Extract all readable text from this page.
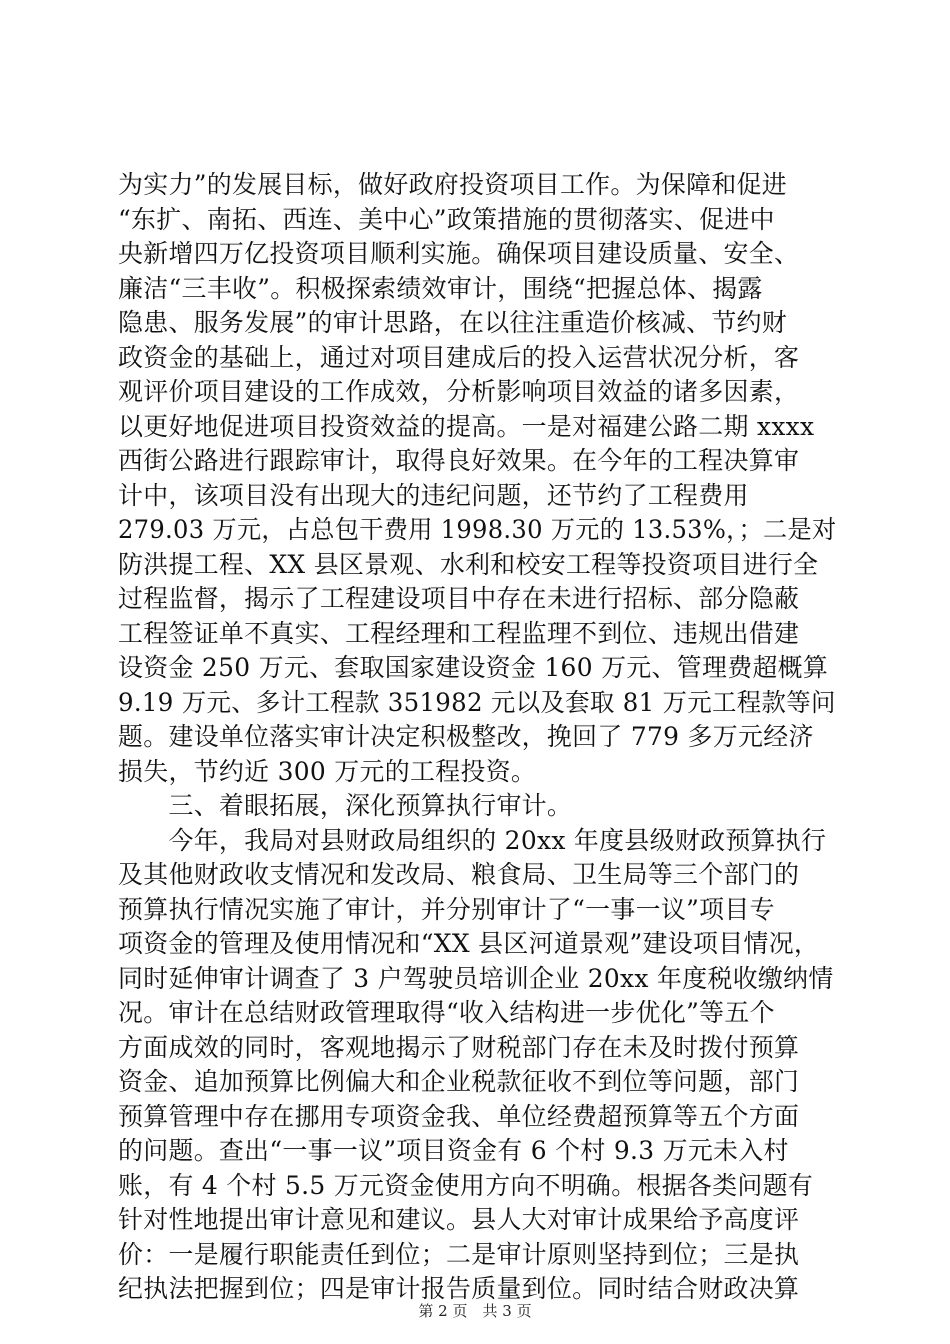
为实力”的发展目标，做好政府投资项目工作。为保障和促进
“东扩、南拓、西连、美中心”政策措施的贯彻落实、促进中
央新增四万亿投资项目顺利实施。确保项目建设质量、安全、
廉洁“三丰收”。积极探索绩效审计，围绕“把握总体、揭露
隐患、服务发展”的审计思路，在以往注重造价核减、节约财
政资金的基础上，通过对项目建成后的投入运营状况分析，客
观评价项目建设的工作成效，分析影响项目效益的诸多因素，
以更好地促进项目投资效益的提高。一是对福建公路二期 xxxx
西街公路进行跟踪审计，取得良好效果。在今年的工程决算审
计中，该项目没有出现大的违纪问题，还节约了工程费用
279.03 万元，占总包干费用 1998.30 万元的 13.53%，；二是对
防洪提工程、XX 县区景观、水利和校安工程等投资项目进行全
过程监督，揭示了工程建设项目中存在未进行招标、部分隐蔽
工程签证单不真实、工程经理和工程监理不到位、违规出借建
设资金 250 万元、套取国家建设资金 160 万元、管理费超概算
9.19 万元、多计工程款 351982 元以及套取 81 万元工程款等问
题。建设单位落实审计决定积极整改，挽回了 779 多万元经济
损失，节约近 300 万元的工程投资。
　　三、着眼拓展，深化预算执行审计。
　　今年，我局对县财政局组织的 20xx 年度县级财政预算执行
及其他财政收支情况和发改局、粮食局、卫生局等三个部门的
预算执行情况实施了审计，并分别审计了“一事一议”项目专
项资金的管理及使用情况和“XX 县区河道景观”建设项目情况，
同时延伸审计调查了 3 户驾驶员培训企业 20xx 年度税收缴纳情
况。审计在总结财政管理取得“收入结构进一步优化”等五个
方面成效的同时，客观地揭示了财税部门存在未及时拨付预算
资金、追加预算比例偏大和企业税款征收不到位等问题，部门
预算管理中存在挪用专项资金我、单位经费超预算等五个方面
的问题。查出“一事一议”项目资金有 6 个村 9.3 万元未入村
账，有 4 个村 5.5 万元资金使用方向不明确。根据各类问题有
针对性地提出审计意见和建议。县人大对审计成果给予高度评
价：一是履行职能责任到位；二是审计原则坚持到位；三是执
纪执法把握到位；四是审计报告质量到位。同时结合财政决算
第 2 页　共 3 页
